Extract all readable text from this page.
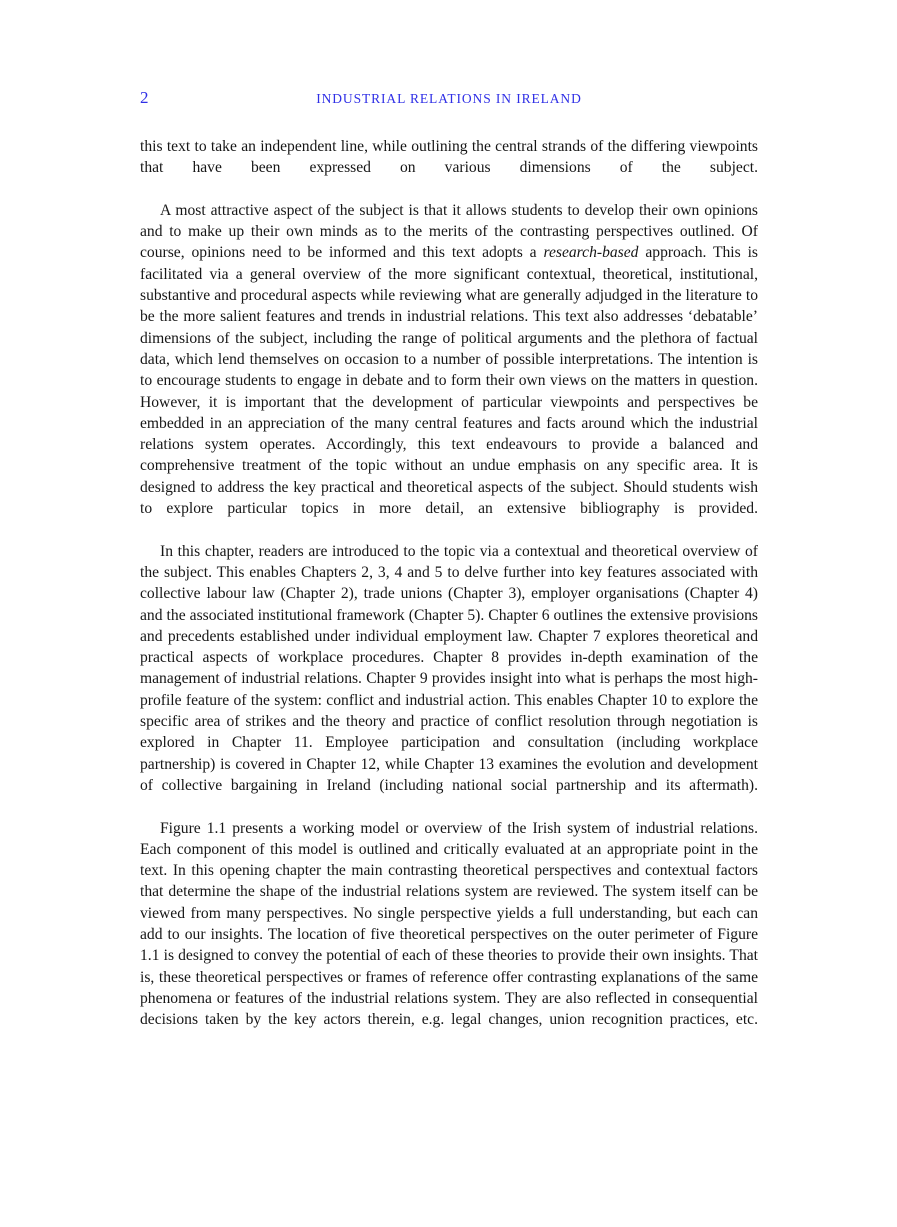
2	INDUSTRIAL RELATIONS IN IRELAND

this text to take an independent line, while outlining the central strands of the differing viewpoints that have been expressed on various dimensions of the subject.

A most attractive aspect of the subject is that it allows students to develop their own opinions and to make up their own minds as to the merits of the contrasting perspectives outlined. Of course, opinions need to be informed and this text adopts a research-based approach. This is facilitated via a general overview of the more significant contextual, theoretical, institutional, substantive and procedural aspects while reviewing what are generally adjudged in the literature to be the more salient features and trends in industrial relations. This text also addresses ‘debatable’ dimensions of the subject, including the range of political arguments and the plethora of factual data, which lend themselves on occasion to a number of possible interpretations. The intention is to encourage students to engage in debate and to form their own views on the matters in question. However, it is important that the development of particular viewpoints and perspectives be embedded in an appreciation of the many central features and facts around which the industrial relations system operates. Accordingly, this text endeavours to provide a balanced and comprehensive treatment of the topic without an undue emphasis on any specific area. It is designed to address the key practical and theoretical aspects of the subject. Should students wish to explore particular topics in more detail, an extensive bibliography is provided.

In this chapter, readers are introduced to the topic via a contextual and theoretical overview of the subject. This enables Chapters 2, 3, 4 and 5 to delve further into key features associated with collective labour law (Chapter 2), trade unions (Chapter 3), employer organisations (Chapter 4) and the associated institutional framework (Chapter 5). Chapter 6 outlines the extensive provisions and precedents established under individual employment law. Chapter 7 explores theoretical and practical aspects of workplace procedures. Chapter 8 provides in-depth examination of the management of industrial relations. Chapter 9 provides insight into what is perhaps the most high-profile feature of the system: conflict and industrial action. This enables Chapter 10 to explore the specific area of strikes and the theory and practice of conflict resolution through negotiation is explored in Chapter 11. Employee participation and consultation (including workplace partnership) is covered in Chapter 12, while Chapter 13 examines the evolution and development of collective bargaining in Ireland (including national social partnership and its aftermath).

Figure 1.1 presents a working model or overview of the Irish system of industrial relations. Each component of this model is outlined and critically evaluated at an appropriate point in the text. In this opening chapter the main contrasting theoretical perspectives and contextual factors that determine the shape of the industrial relations system are reviewed. The system itself can be viewed from many perspectives. No single perspective yields a full understanding, but each can add to our insights. The location of five theoretical perspectives on the outer perimeter of Figure 1.1 is designed to convey the potential of each of these theories to provide their own insights. That is, these theoretical perspectives or frames of reference offer contrasting explanations of the same phenomena or features of the industrial relations system. They are also reflected in consequential decisions taken by the key actors therein, e.g. legal changes, union recognition practices, etc.
